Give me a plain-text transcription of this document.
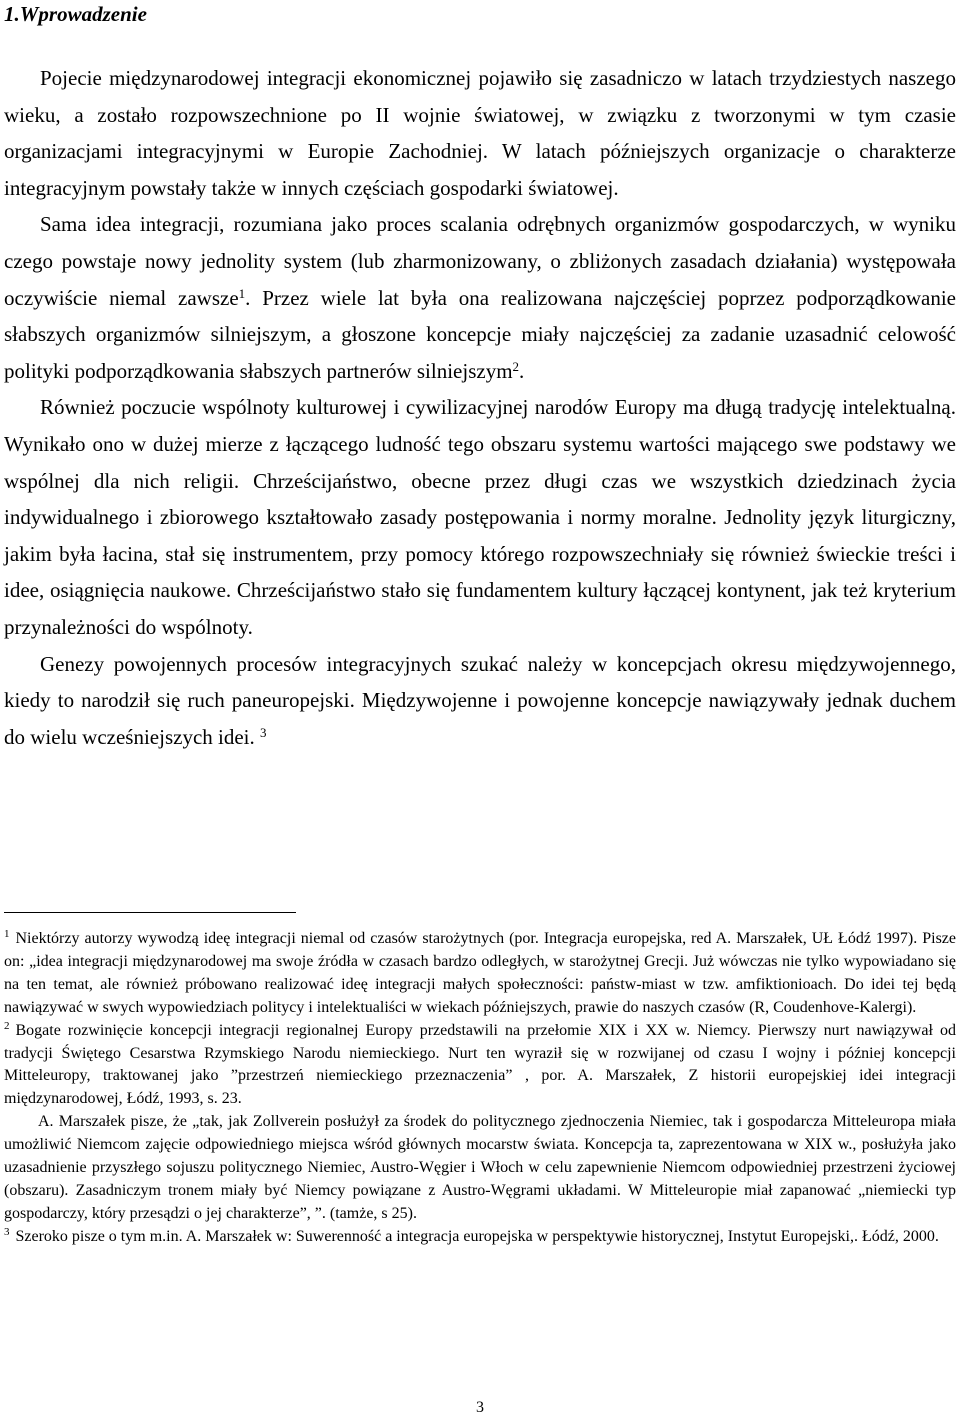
1.Wprowadzenie

Pojecie międzynarodowej integracji ekonomicznej pojawiło się zasadniczo w latach trzydziestych naszego wieku, a zostało rozpowszechnione po II wojnie światowej, w związku z tworzonymi w tym czasie organizacjami integracyjnymi w Europie Zachodniej. W latach późniejszych organizacje o charakterze integracyjnym powstały także w innych częściach gospodarki światowej.

Sama idea integracji, rozumiana jako proces scalania odrębnych organizmów gospodarczych, w wyniku czego powstaje nowy jednolity system (lub zharmonizowany, o zbliżonych zasadach działania) występowała oczywiście niemal zawsze$^1$. Przez wiele lat była ona realizowana najczęściej poprzez podporządkowanie słabszych organizmów silniejszym, a głoszone koncepcje miały najczęściej za zadanie uzasadnić celowość polityki podporządkowania słabszych partnerów silniejszym$^2$.

Również poczucie wspólnoty kulturowej i cywilizacyjnej narodów Europy ma długą tradycję intelektualną. Wynikało ono w dużej mierze z łączącego ludność tego obszaru systemu wartości mającego swe podstawy we wspólnej dla nich religii. Chrześcijaństwo, obecne przez długi czas we wszystkich dziedzinach życia indywidualnego i zbiorowego kształtowało zasady postępowania i normy moralne. Jednolity język liturgiczny, jakim była łacina, stał się instrumentem, przy pomocy którego rozpowszechniały się również świeckie treści i idee, osiągnięcia naukowe. Chrześcijaństwo stało się fundamentem kultury łączącej kontynent, jak też kryterium przynależności do wspólnoty.

Genezy powojennych procesów integracyjnych szukać należy w koncepcjach okresu międzywojennego, kiedy to narodził się ruch paneuropejski. Międzywojenne i powojenne koncepcje nawiązywały jednak duchem do wielu wcześniejszych idei. $^3$

$^1$ Niektórzy autorzy wywodzą ideę integracji niemal od czasów starożytnych (por. Integracja europejska, red A. Marszałek, UŁ Łódź 1997). Pisze on: „idea integracji międzynarodowej ma swoje źródła w czasach bardzo odległych, w starożytnej Grecji. Już wówczas nie tylko wypowiadano się na ten temat, ale również próbowano realizować ideę integracji małych społeczności: państw-miast w tzw. amfiktionioach. Do idei tej będą nawiązywać w swych wypowiedziach politycy i intelektualiści w wiekach późniejszych, prawie do naszych czasów (R, Coudenhove-Kalergi).

$^2$ Bogate rozwinięcie koncepcji integracji regionalnej Europy przedstawili na przełomie XIX i XX w. Niemcy. Pierwszy nurt nawiązywał od tradycji Świętego Cesarstwa Rzymskiego Narodu niemieckiego. Nurt ten wyraził się w rozwijanej od czasu I wojny i później koncepcji Mitteleuropy, traktowanej jako ”przestrzeń niemieckiego przeznaczenia” , por. A. Marszałek, Z historii europejskiej idei integracji międzynarodowej, Łódź, 1993, s. 23.

A. Marszałek pisze, że „tak, jak Zollverein posłużył za środek do politycznego zjednoczenia Niemiec, tak i gospodarcza Mitteleuropa miała umożliwić Niemcom zajęcie odpowiedniego miejsca wśród głównych mocarstw świata. Koncepcja ta, zaprezentowana w XIX w., posłużyła jako uzasadnienie przyszłego sojuszu politycznego Niemiec, Austro-Węgier i Włoch w celu zapewnienie Niemcom odpowiedniej przestrzeni życiowej (obszaru). Zasadniczym tronem miały być Niemcy powiązane z Austro-Węgrami układami. W Mitteleuropie miał zapanować „niemiecki typ gospodarczy, który przesądzi o jej charakterze”, ”. (tamże, s 25).

$^3$ Szeroko pisze o tym m.in. A. Marszałek w: Suwerenność a integracja europejska w perspektywie historycznej, Instytut Europejski,. Łódź, 2000.

3
